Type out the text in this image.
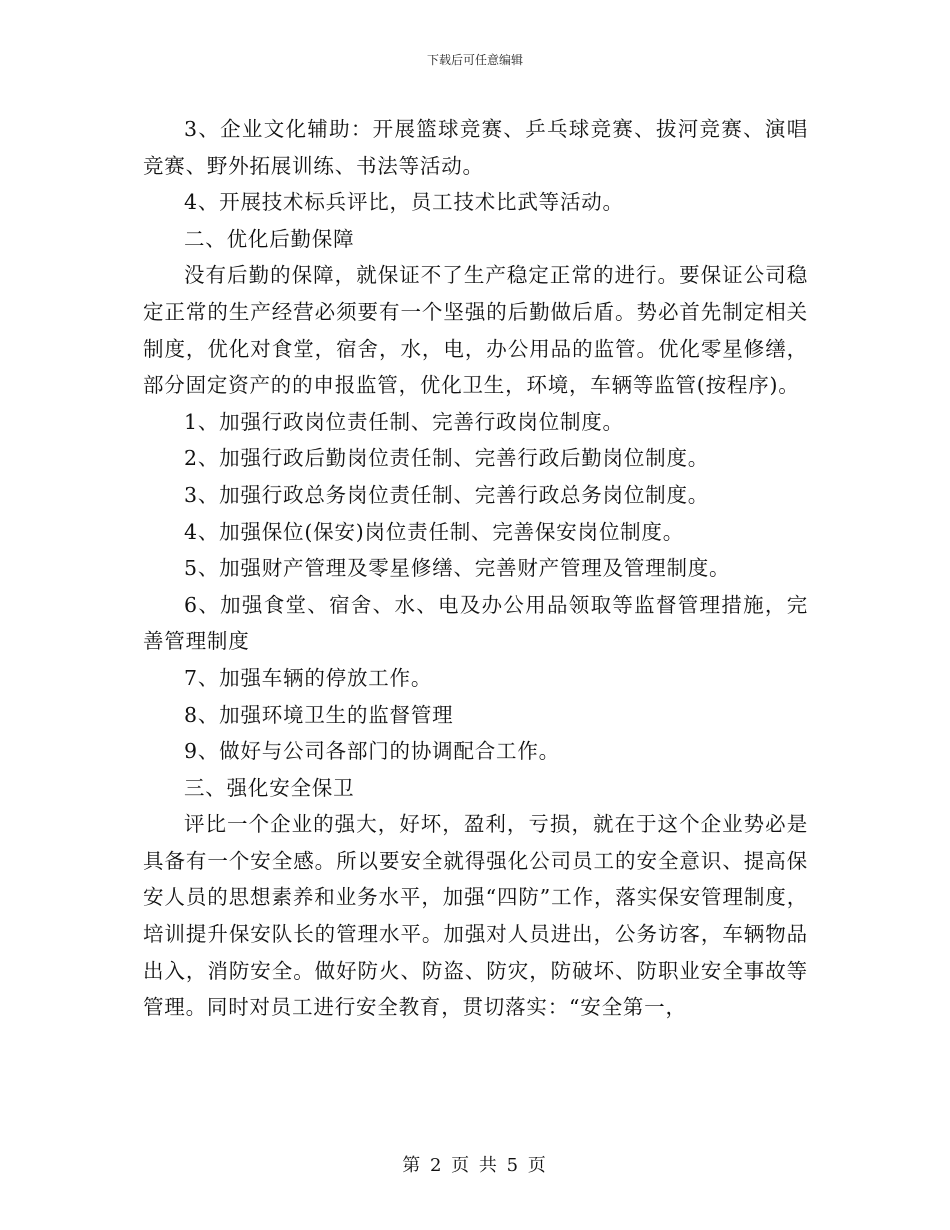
下载后可任意编辑

3、企业文化辅助：开展篮球竞赛、乒乓球竞赛、拔河竞赛、演唱竞赛、野外拓展训练、书法等活动。

4、开展技术标兵评比，员工技术比武等活动。

二、优化后勤保障

没有后勤的保障，就保证不了生产稳定正常的进行。要保证公司稳定正常的生产经营必须要有一个坚强的后勤做后盾。势必首先制定相关制度，优化对食堂，宿舍，水，电，办公用品的监管。优化零星修缮，部分固定资产的的申报监管，优化卫生，环境，车辆等监管(按程序)。

1、加强行政岗位责任制、完善行政岗位制度。

2、加强行政后勤岗位责任制、完善行政后勤岗位制度。

3、加强行政总务岗位责任制、完善行政总务岗位制度。

4、加强保位(保安)岗位责任制、完善保安岗位制度。

5、加强财产管理及零星修缮、完善财产管理及管理制度。

6、加强食堂、宿舍、水、电及办公用品领取等监督管理措施，完善管理制度

7、加强车辆的停放工作。

8、加强环境卫生的监督管理

9、做好与公司各部门的协调配合工作。

三、强化安全保卫

评比一个企业的强大，好坏，盈利，亏损，就在于这个企业势必是具备有一个安全感。所以要安全就得强化公司员工的安全意识、提高保安人员的思想素养和业务水平，加强“四防”工作，落实保安管理制度，培训提升保安队长的管理水平。加强对人员进出，公务访客，车辆物品出入，消防安全。做好防火、防盗、防灾，防破坏、防职业安全事故等管理。同时对员工进行安全教育，贯切落实：“安全第一，

第 2 页 共 5 页
